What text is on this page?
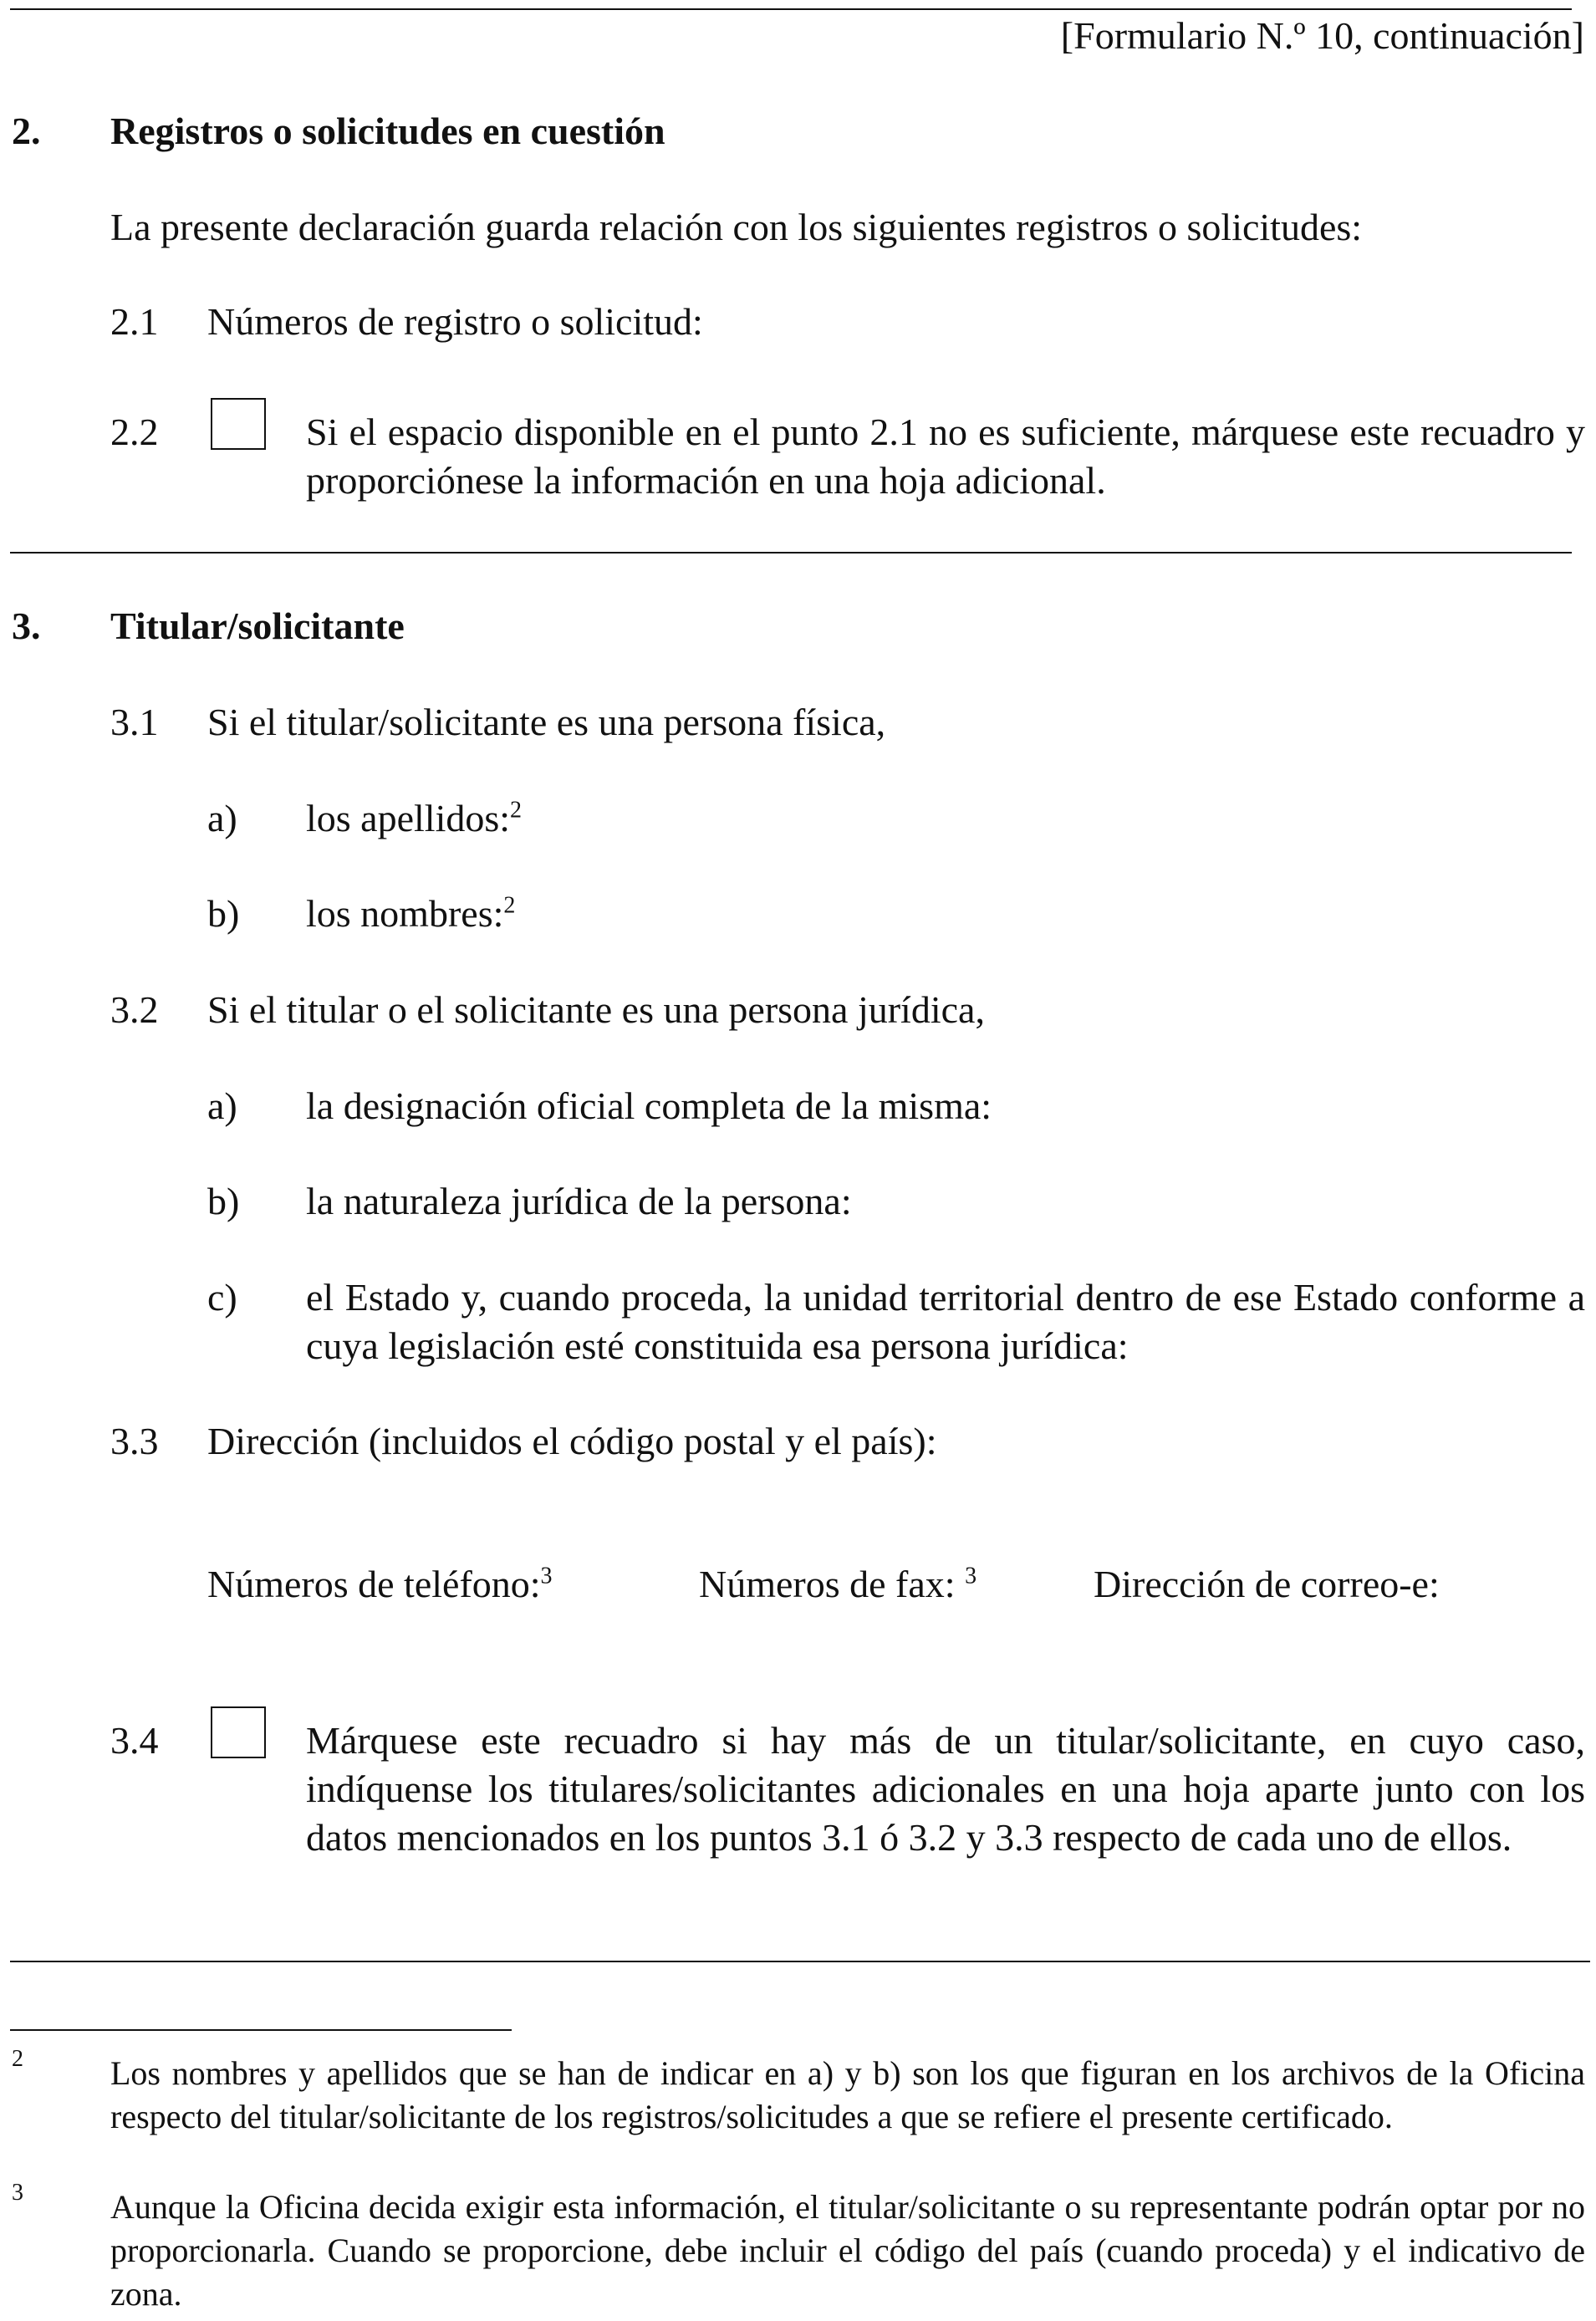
[Formulario N.º 10, continuación]
2. Registros o solicitudes en cuestión
La presente declaración guarda relación con los siguientes registros o solicitudes:
2.1 Números de registro o solicitud:
2.2	Si el espacio disponible en el punto 2.1 no es suficiente, márquese este recuadro y proporciónese la información en una hoja adicional.
3. Titular/solicitante
3.1 Si el titular/solicitante es una persona física,
a) los apellidos:$^2$
b) los nombres:$^2$
3.2 Si el titular o el solicitante es una persona jurídica,
a) la designación oficial completa de la misma:
b) la naturaleza jurídica de la persona:
c) el Estado y, cuando proceda, la unidad territorial dentro de ese Estado conforme a cuya legislación esté constituida esa persona jurídica:
3.3 Dirección (incluidos el código postal y el país):
Números de teléfono:$^3$	Números de fax: $^3$	Dirección de correo-e:
3.4	Márquese este recuadro si hay más de un titular/solicitante, en cuyo caso, indíquense los titulares/solicitantes adicionales en una hoja aparte junto con los datos mencionados en los puntos 3.1 ó 3.2 y 3.3 respecto de cada uno de ellos.
2	Los nombres y apellidos que se han de indicar en a) y b) son los que figuran en los archivos de la Oficina respecto del titular/solicitante de los registros/solicitudes a que se refiere el presente certificado.
3	Aunque la Oficina decida exigir esta información, el titular/solicitante o su representante podrán optar por no proporcionarla. Cuando se proporcione, debe incluir el código del país (cuando proceda) y el indicativo de zona.
